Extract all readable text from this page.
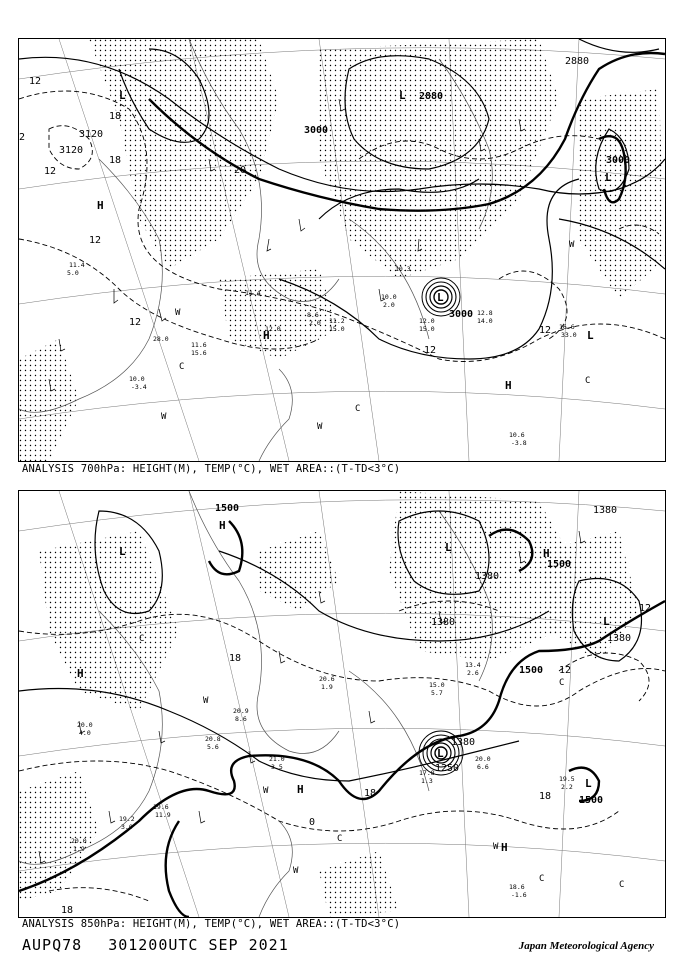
2880
3000
3000
3000
3120
3120
2880
12
12
12
12
12
12
18
18
20
2
L
L
L
L
L
H
H
H
W
W
W
W
C
C
C
10.6
-3.8
16.6
33.0
12.8
14.0
12.0
15.0
11.2
15.0
8.6
2.0
11.4
10.3
10.0
2.0
11.6
15.6
10.0
-3.4
11.4
5.0
28.0
12.0
ANALYSIS 700hPa: HEIGHT(M), TEMP(°C), WET AREA::(T-TD<3°C)
1500
1500
1500
1500
1380
1380
1380
1380
1250
1380
18
18	18
18
12
12
0
L	L
L
L
L
H
H
H
H
H
C
C
C
C
C
W
W
W
W
18.6
-1.6
19.5
2.2
17.8
1.3
20.0
6.6
15.0
5.7
13.4
2.6
20.8
5.6
21.0
3.5
19.6
11.9
20.0
4.0
20.0
1.9
19.2
3.0
20.9
8.6
20.6
1.9
ANALYSIS 850hPa: HEIGHT(M), TEMP(°C), WET AREA::(T-TD<3°C)
AUPQ78 301200UTC SEP 2021	Japan Meteorological Agency
